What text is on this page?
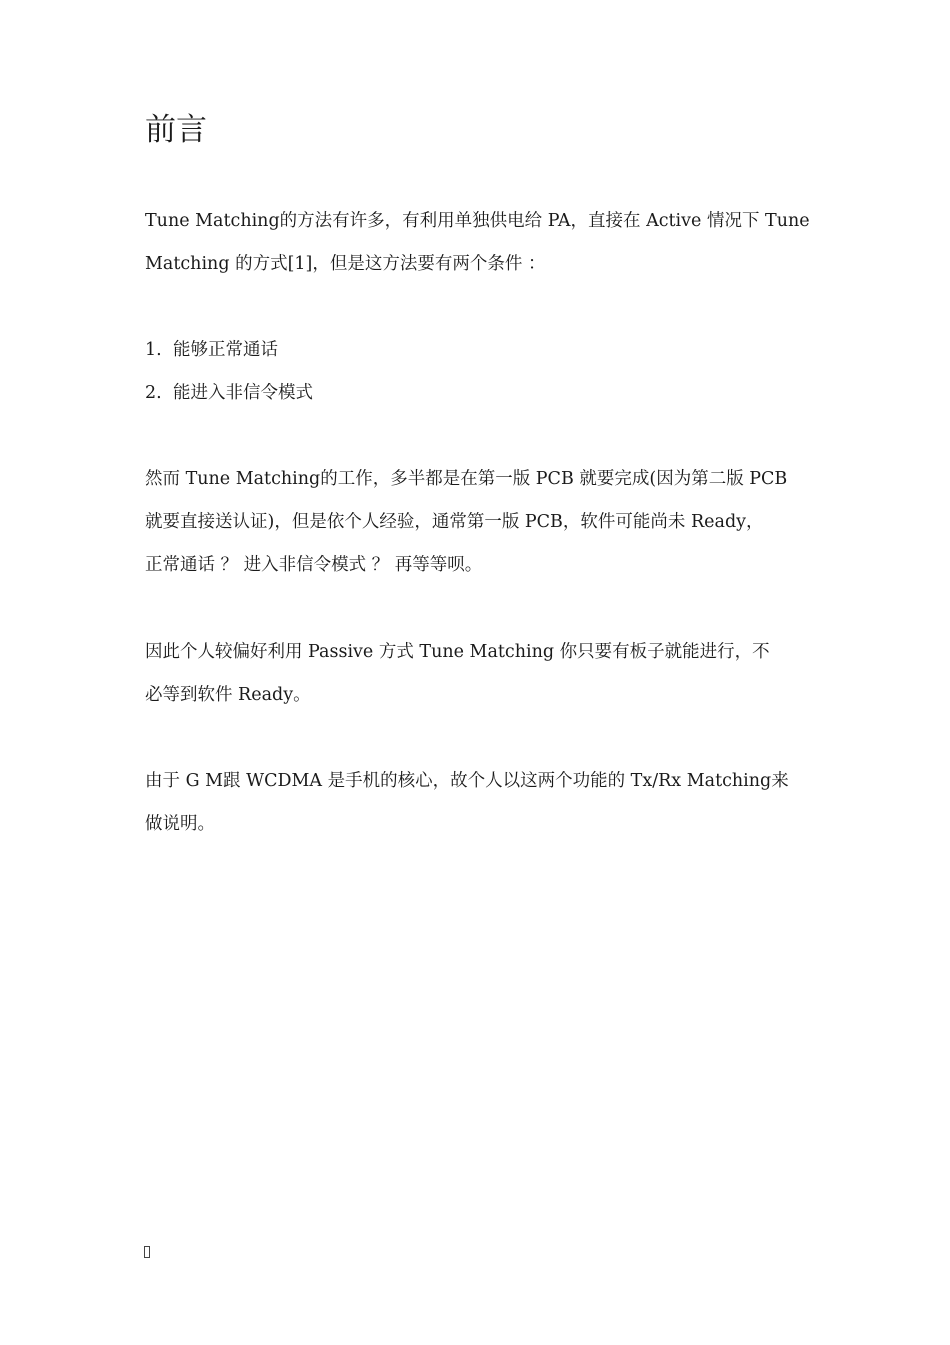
前言

Tune Matching的方法有许多，有利用单独供电给 PA，直接在 Active 情况下 Tune
Matching 的方式[1]，但是这方法要有两个条件 ：

1. 能够正常通话
2. 能进入非信令模式

然而 Tune Matching的工作，多半都是在第一版 PCB 就要完成(因为第二版 PCB
就要直接送认证)，但是依个人经验，通常第一版 PCB，软件可能尚未 Ready，
正常通话 ？ 进入非信令模式 ？ 再等等呗。

因此个人较偏好利用 Passive 方式 Tune Matching 你只要有板子就能进行，不
必等到软件 Ready。

由于 G M跟 WCDMA 是手机的核心，故个人以这两个功能的 Tx/Rx Matching来
做说明。
